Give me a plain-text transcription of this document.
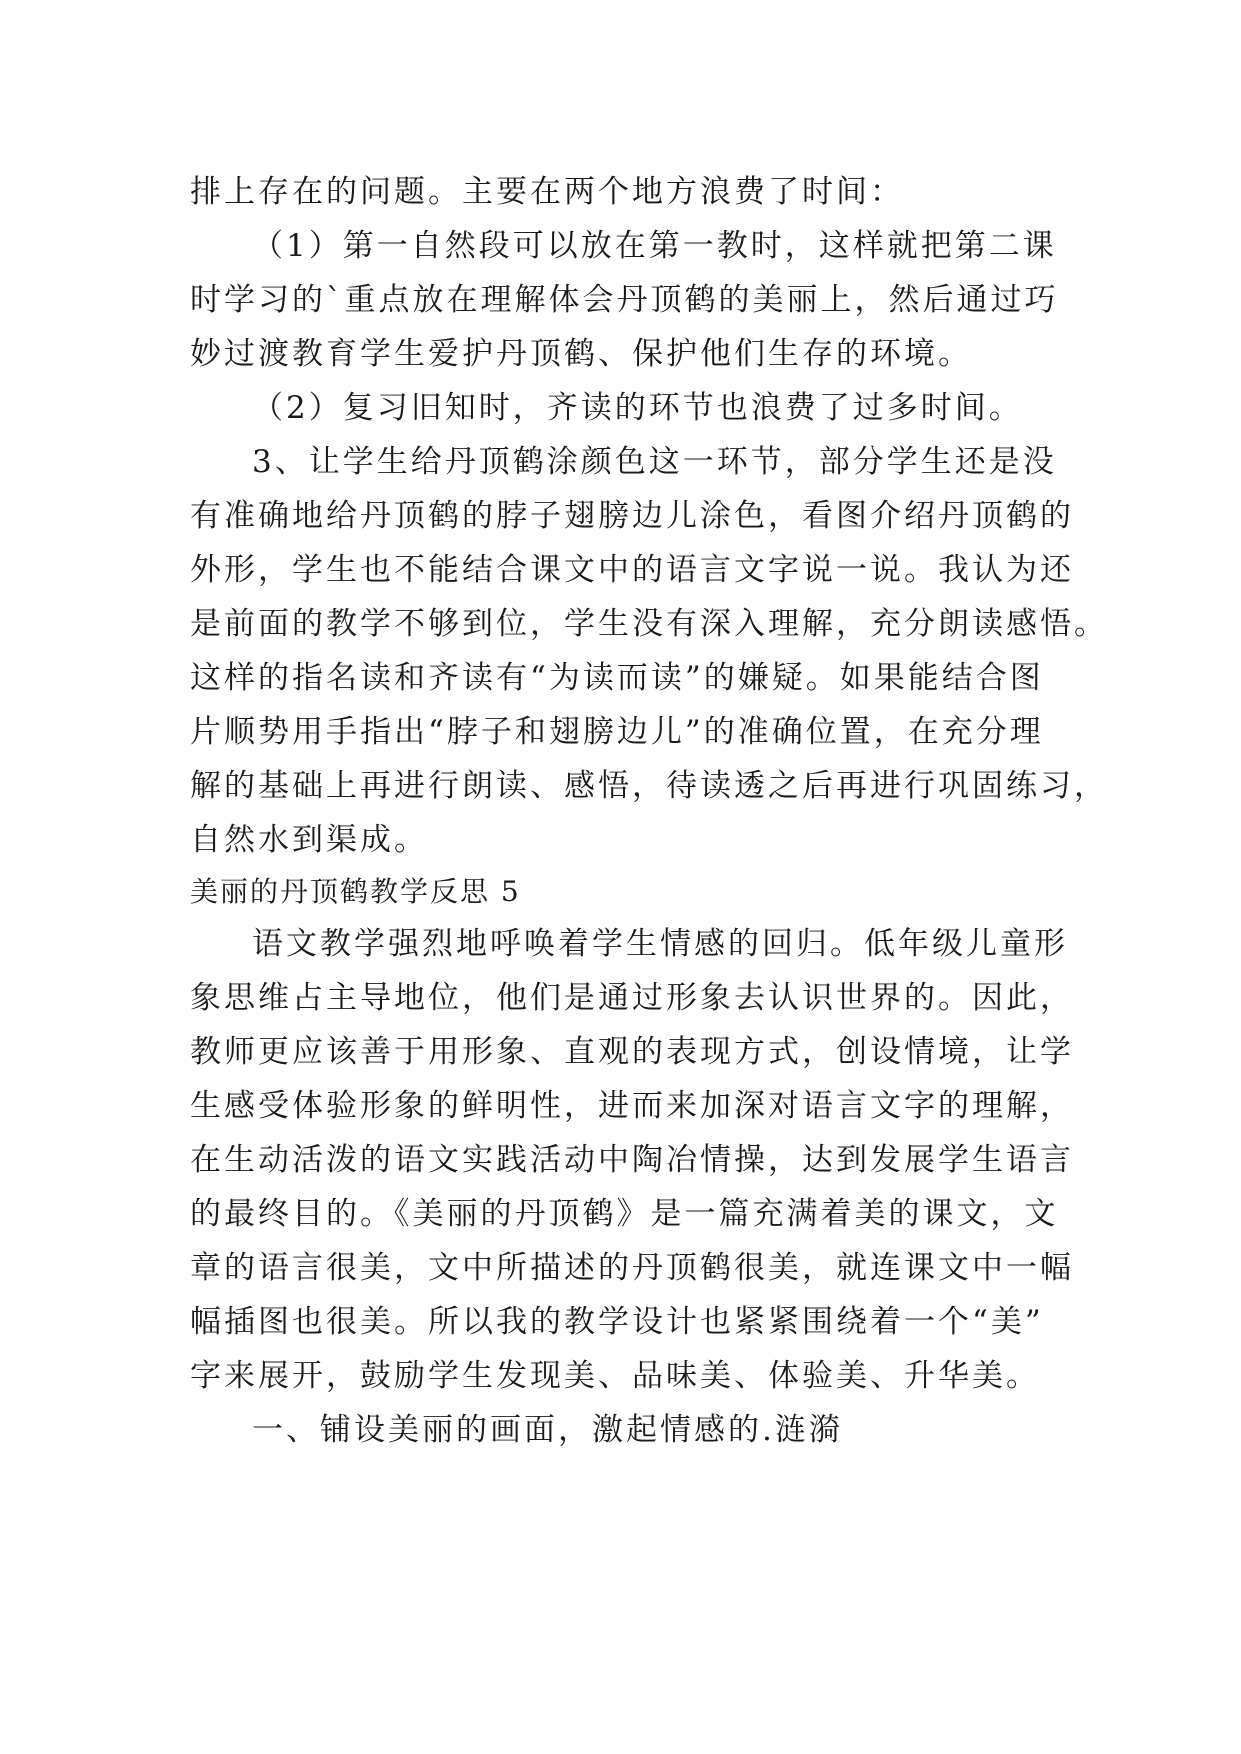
排上存在的问题。主要在两个地方浪费了时间：

（1）第一自然段可以放在第一教时，这样就把第二课

时学习的`重点放在理解体会丹顶鹤的美丽上，然后通过巧

妙过渡教育学生爱护丹顶鹤、保护他们生存的环境。

（2）复习旧知时，齐读的环节也浪费了过多时间。

3、让学生给丹顶鹤涂颜色这一环节，部分学生还是没

有准确地给丹顶鹤的脖子翅膀边儿涂色，看图介绍丹顶鹤的

外形，学生也不能结合课文中的语言文字说一说。我认为还

是前面的教学不够到位，学生没有深入理解，充分朗读感悟。

这样的指名读和齐读有“为读而读”的嫌疑。如果能结合图

片顺势用手指出“脖子和翅膀边儿”的准确位置，在充分理

解的基础上再进行朗读、感悟，待读透之后再进行巩固练习，

自然水到渠成。

美丽的丹顶鹤教学反思 5

语文教学强烈地呼唤着学生情感的回归。低年级儿童形

象思维占主导地位，他们是通过形象去认识世界的。因此，

教师更应该善于用形象、直观的表现方式，创设情境，让学

生感受体验形象的鲜明性，进而来加深对语言文字的理解，

在生动活泼的语文实践活动中陶冶情操，达到发展学生语言

的最终目的。《美丽的丹顶鹤》是一篇充满着美的课文，文

章的语言很美，文中所描述的丹顶鹤很美，就连课文中一幅

幅插图也很美。所以我的教学设计也紧紧围绕着一个“美”

字来展开，鼓励学生发现美、品味美、体验美、升华美。

一、铺设美丽的画面，激起情感的.涟漪
